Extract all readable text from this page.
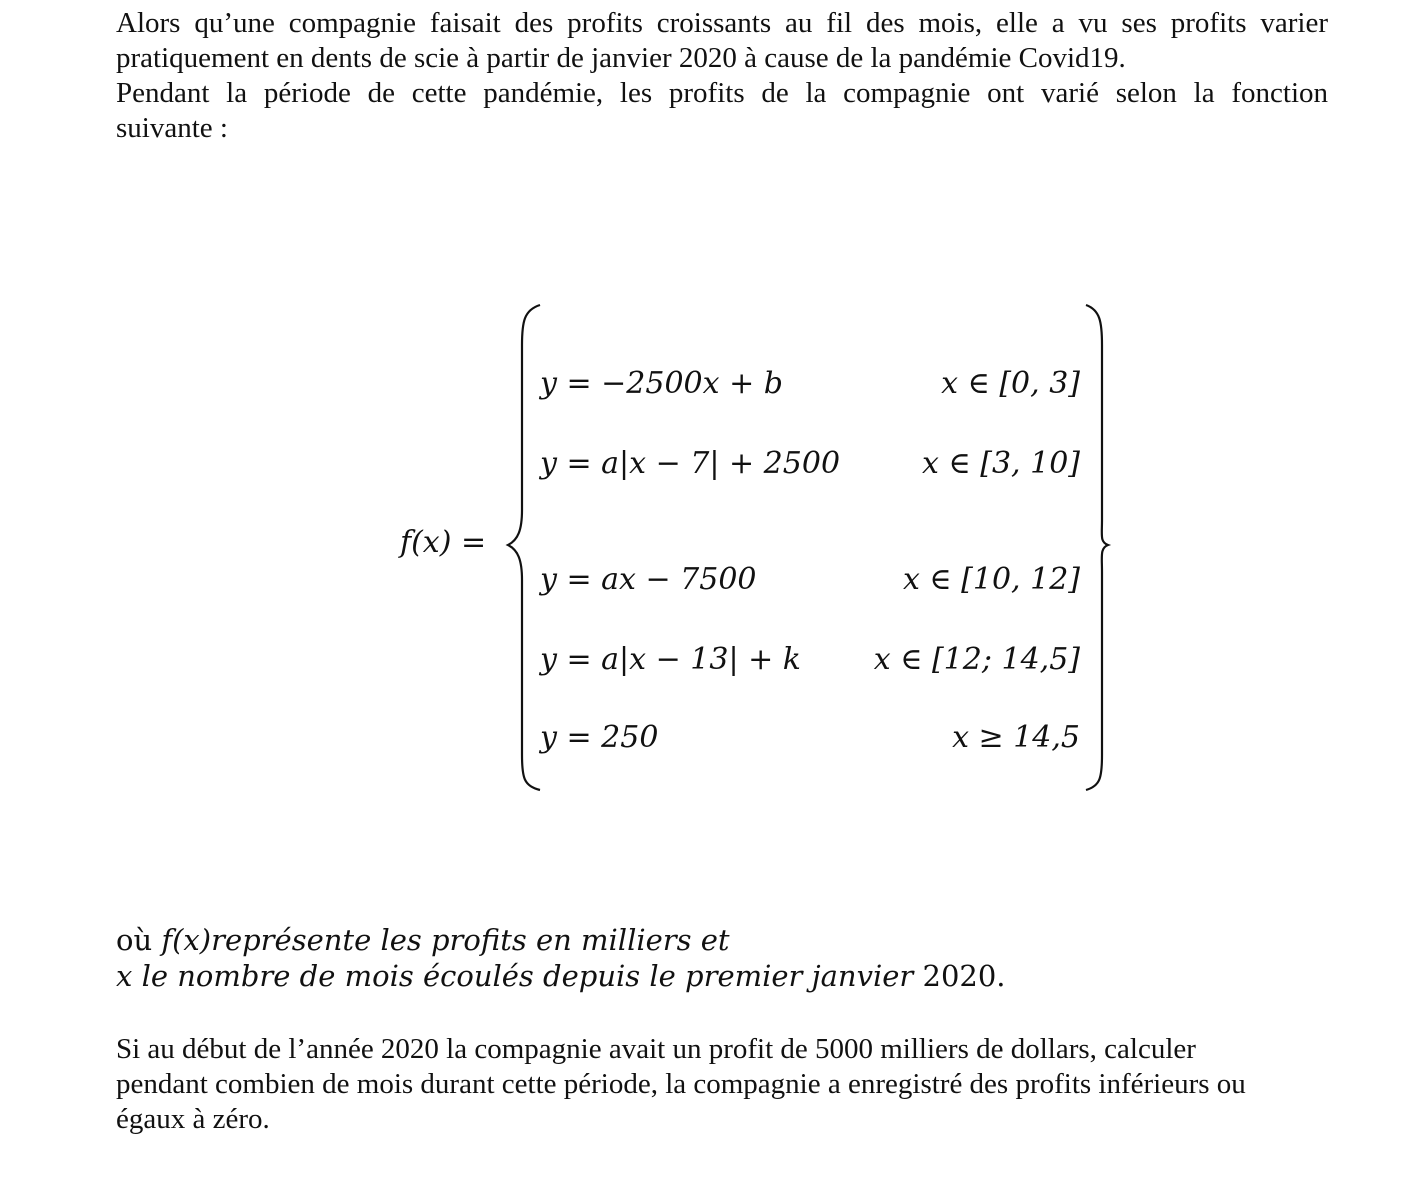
Alors qu’une compagnie faisait des profits croissants au fil des mois, elle a vu ses profits varier
pratiquement en dents de scie à partir de janvier 2020 à cause de la pandémie Covid19.
Pendant la période de cette pandémie, les profits de la compagnie ont varié selon la fonction
suivante :
f(x) =
y = −2500x + b	x ∈ [0, 3]
y = a|x − 7| + 2500	x ∈ [3, 10]
y = ax − 7500	x ∈ [10, 12]
y = a|x − 13| + k x ∈ [12; 14,5]
y = 250	x ≥ 14,5
où f(x)représente les profits en milliers et
x le nombre de mois écoulés depuis le premier janvier 2020.
Si au début de l’année 2020 la compagnie avait un profit de 5000 milliers de dollars, calculer
pendant combien de mois durant cette période, la compagnie a enregistré des profits inférieurs ou
égaux à zéro.
